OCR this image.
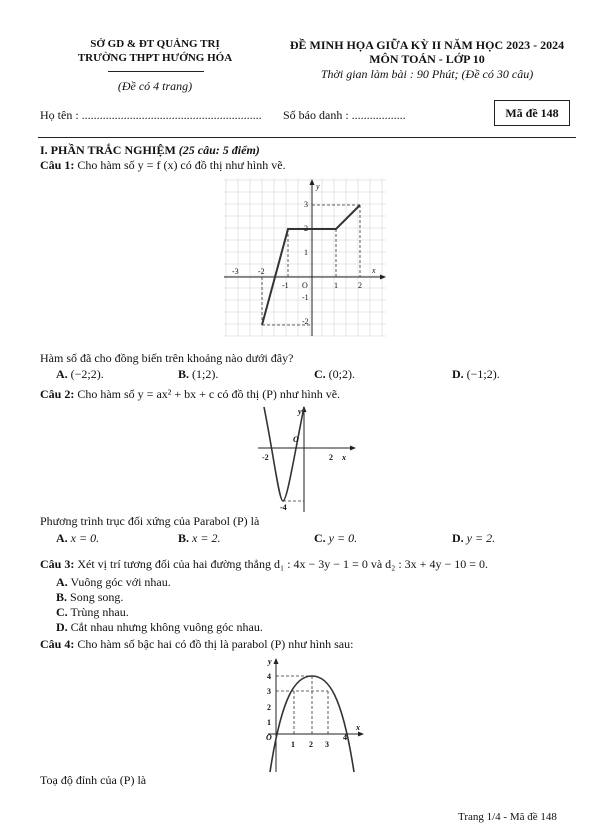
SỞ GD & ĐT QUẢNG TRỊ
TRƯỜNG THPT HƯỚNG HÓA
(Đề có 4 trang)
ĐỀ MINH HỌA GIỮA KỲ II NĂM HỌC 2023 - 2024
MÔN TOÁN - LỚP 10
Thời gian làm bài : 90 Phút; (Đề có 30 câu)
Họ tên : ............................................................ Số báo danh : ..................	Mã đề 148
I. PHẦN TRẮC NGHIỆM (25 câu: 5 điểm)
Câu 1: Cho hàm số y = f (x) có đồ thị như hình vẽ.
-3 -2
-1 O	1	2
x
y
3
2
1
-1
-2
Hàm số đã cho đồng biến trên khoảng nào dưới đây?
A. (−2;2).	B. (1;2).	C. (0;2).	D. (−1;2).
Câu 2: Cho hàm số y = ax² + bx + c có đồ thị (P) như hình vẽ.
y
O
-2	2 x
-4
Phương trình trục đối xứng của Parabol (P) là
A. x = 0.	B. x = 2.	C. y = 0.	D. y = 2.
Câu 3: Xét vị trí tương đối của hai đường thẳng d₁ : 4x − 3y − 1 = 0 và d₂ : 3x + 4y − 10 = 0.
A. Vuông góc với nhau.
B. Song song.
C. Trùng nhau.
D. Cắt nhau nhưng không vuông góc nhau.
Câu 4: Cho hàm số bậc hai có đồ thị là parabol (P) như hình sau:
y
4
3
2
1
O
1 2 3
4
x
Toạ độ đỉnh của (P) là
Trang 1/4 - Mã đề 148
